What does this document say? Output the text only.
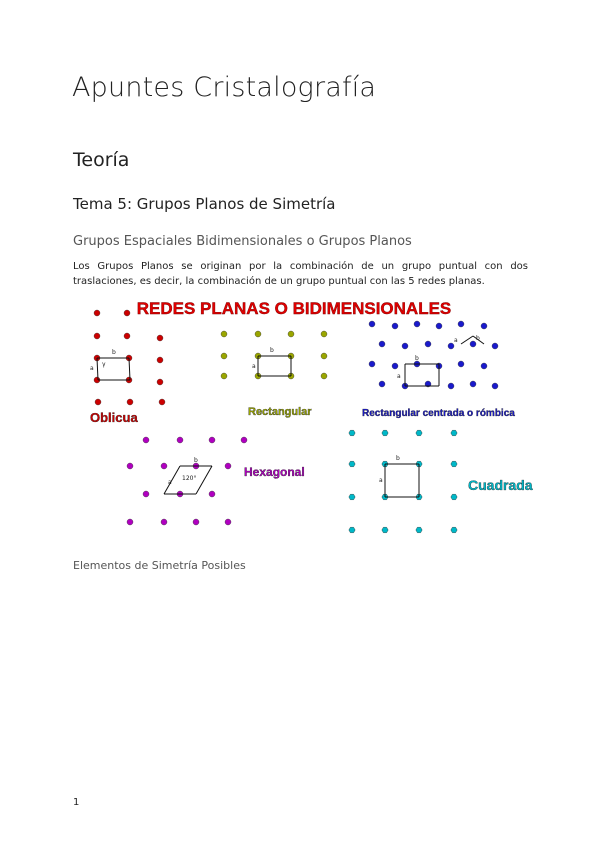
Apuntes Cristalografía
Teoría
Tema 5: Grupos Planos de Simetría
Grupos Espaciales Bidimensionales o Grupos Planos
Los Grupos Planos se originan por la combinación de un grupo puntual con dos traslaciones, es decir, la combinación de un grupo puntual con las 5 redes planas.
REDES PLANAS O BIDIMENSIONALES
b
a
γ
Oblicua
b
a
Rectangular
b
a
a	b
Rectangular centrada o rómbica
b
a
120°	Hexagonal
b
a	Cuadrada
Elementos de Simetría Posibles
1
